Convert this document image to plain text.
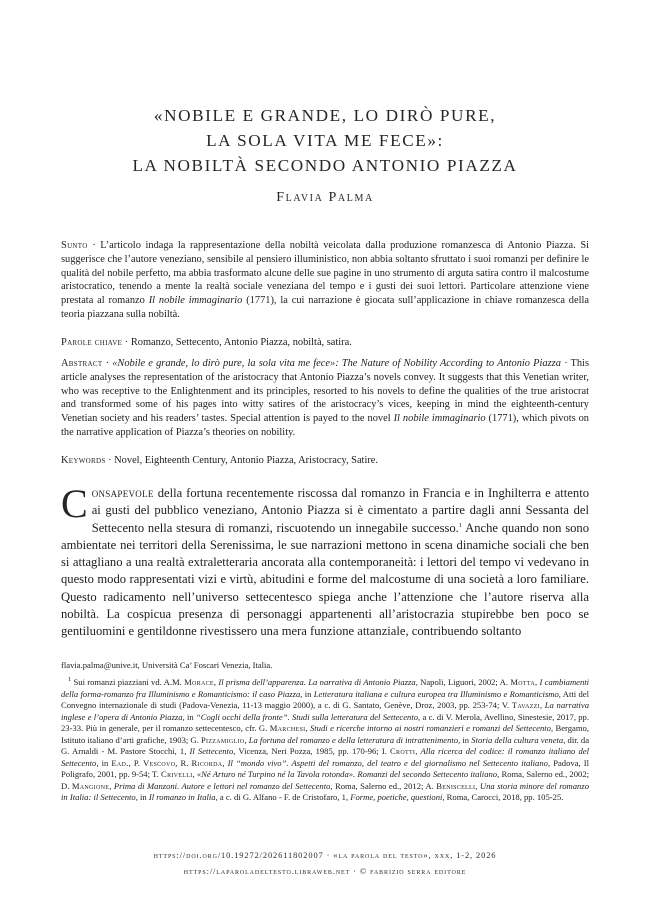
«NOBILE E GRANDE, LO DIRÒ PURE,
LA SOLA VITA ME FECE»:
LA NOBILTÀ SECONDO ANTONIO PIAZZA
Flavia Palma
Sunto · L’articolo indaga la rappresentazione della nobiltà veicolata dalla produzione romanzesca di Antonio Piazza. Si suggerisce che l’autore veneziano, sensibile al pensiero illuministico, non abbia soltanto sfruttato i suoi romanzi per definire le qualità del nobile perfetto, ma abbia trasformato alcune delle sue pagine in uno strumento di arguta satira contro il malcostume aristocratico, tenendo a mente la realtà sociale veneziana del tempo e i gusti dei suoi lettori. Particolare attenzione viene prestata al romanzo Il nobile immaginario (1771), la cui narrazione è giocata sull’applicazione in chiave romanzesca della teoria piazzana sulla nobiltà.
Parole chiave · Romanzo, Settecento, Antonio Piazza, nobiltà, satira.
Abstract · «Nobile e grande, lo dirò pure, la sola vita me fece»: The Nature of Nobility According to Antonio Piazza · This article analyses the representation of the aristocracy that Antonio Piazza’s novels convey. It suggests that this Venetian writer, who was receptive to the Enlightenment and its principles, resorted to his novels to define the qualities of the true aristocrat and transformed some of his pages into witty satires of the aristocracy’s vices, keeping in mind the eighteenth-century Venetian society and his readers’ tastes. Special attention is payed to the novel Il nobile immaginario (1771), which pivots on the narrative application of Piazza’s theories on nobility.
Keywords · Novel, Eighteenth Century, Antonio Piazza, Aristocracy, Satire.

Consapevole della fortuna recentemente riscossa dal romanzo in Francia e in Inghilterra e attento ai gusti del pubblico veneziano, Antonio Piazza si è cimentato a partire dagli anni Sessanta del Settecento nella stesura di romanzi, riscuotendo un innegabile successo.$^1$ Anche quando non sono ambientate nei territori della Serenissima, le sue narrazioni mettono in scena dinamiche sociali che ben si attagliano a una realtà extraletteraria ancorata alla contemporaneità: i lettori del tempo vi vedevano in questo modo rappresentati vizi e virtù, abitudini e forme del malcostume di una società a loro familiare. Questo radicamento nell’universo settecentesco spiega anche l’attenzione che l’autore riserva alla nobiltà. La cospicua presenza di personaggi appartenenti all’aristocrazia stupirebbe ben poco se gentiluomini e gentildonne rivestissero una mera funzione attanziale, contribuendo soltanto

flavia.palma@unive.it, Università Ca’ Foscari Venezia, Italia.
$^1$ Sui romanzi piazziani vd. A.M. Morace, Il prisma dell’apparenza. La narrativa di Antonio Piazza, Napoli, Liguori, 2002; A. Motta, I cambiamenti della forma-romanzo fra Illuminismo e Romanticismo: il caso Piazza, in Letteratura italiana e cultura europea tra Illuminismo e Romanticismo, Atti del Convegno internazionale di studi (Padova-Venezia, 11-13 maggio 2000), a c. di G. Santato, Genève, Droz, 2003, pp. 253-74; V. Tavazzi, La narrativa inglese e l’opera di Antonio Piazza, in “Cogli occhi della fronte”. Studi sulla letteratura del Settecento, a c. di V. Merola, Avellino, Sinestesie, 2017, pp. 23-33. Più in generale, per il romanzo settecentesco, cfr. G. Marchesi, Studi e ricerche intorno ai nostri romanzieri e romanzi del Settecento, Bergamo, Istituto italiano d’arti grafiche, 1903; G. Pizzamiglio, La fortuna del romanzo e della letteratura di intrattenimento, in Storia della cultura veneta, dir. da G. Arnaldi - M. Pastore Stocchi, 1, Il Settecento, Vicenza, Neri Pozza, 1985, pp. 170-96; I. Crotti, Alla ricerca del codice: il romanzo italiano del Settecento, in Ead., P. Vescovo, R. Ricorda, Il “mondo vivo”. Aspetti del romanzo, del teatro e del giornalismo nel Settecento italiano, Padova, Il Poligrafo, 2001, pp. 9-54; T. Crivelli, «Né Arturo né Turpino né la Tavola rotonda». Romanzi del secondo Settecento italiano, Roma, Salerno ed., 2002; D. Mangione, Prima di Manzoni. Autore e lettori nel romanzo del Settecento, Roma, Salerno ed., 2012; A. Beniscelli, Una storia minore del romanzo in Italia: il Settecento, in Il romanzo in Italia, a c. di G. Alfano - F. de Cristofaro, 1, Forme, poetiche, questioni, Roma, Carocci, 2018, pp. 105-25.
https://doi.org/10.19272/202611802007 · «la parola del testo», xxx, 1-2, 2026
https://laparoladeltesto.libraweb.net · © fabrizio serra editore
